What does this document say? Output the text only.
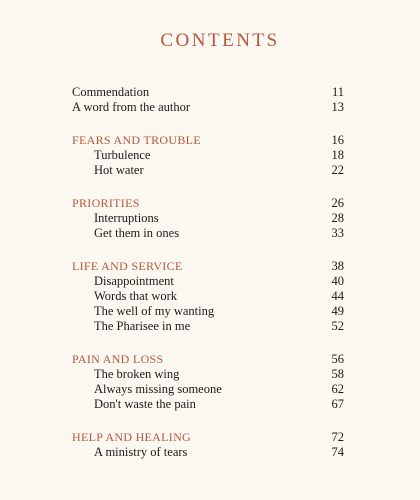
CONTENTS
Commendation	11
A word from the author	13
FEARS AND TROUBLE	16
Turbulence	18
Hot water	22
PRIORITIES	26
Interruptions	28
Get them in ones	33
LIFE AND SERVICE	38
Disappointment	40
Words that work	44
The well of my wanting	49
The Pharisee in me	52
PAIN AND LOSS	56
The broken wing	58
Always missing someone	62
Don't waste the pain	67
HELP AND HEALING	72
A ministry of tears	74
